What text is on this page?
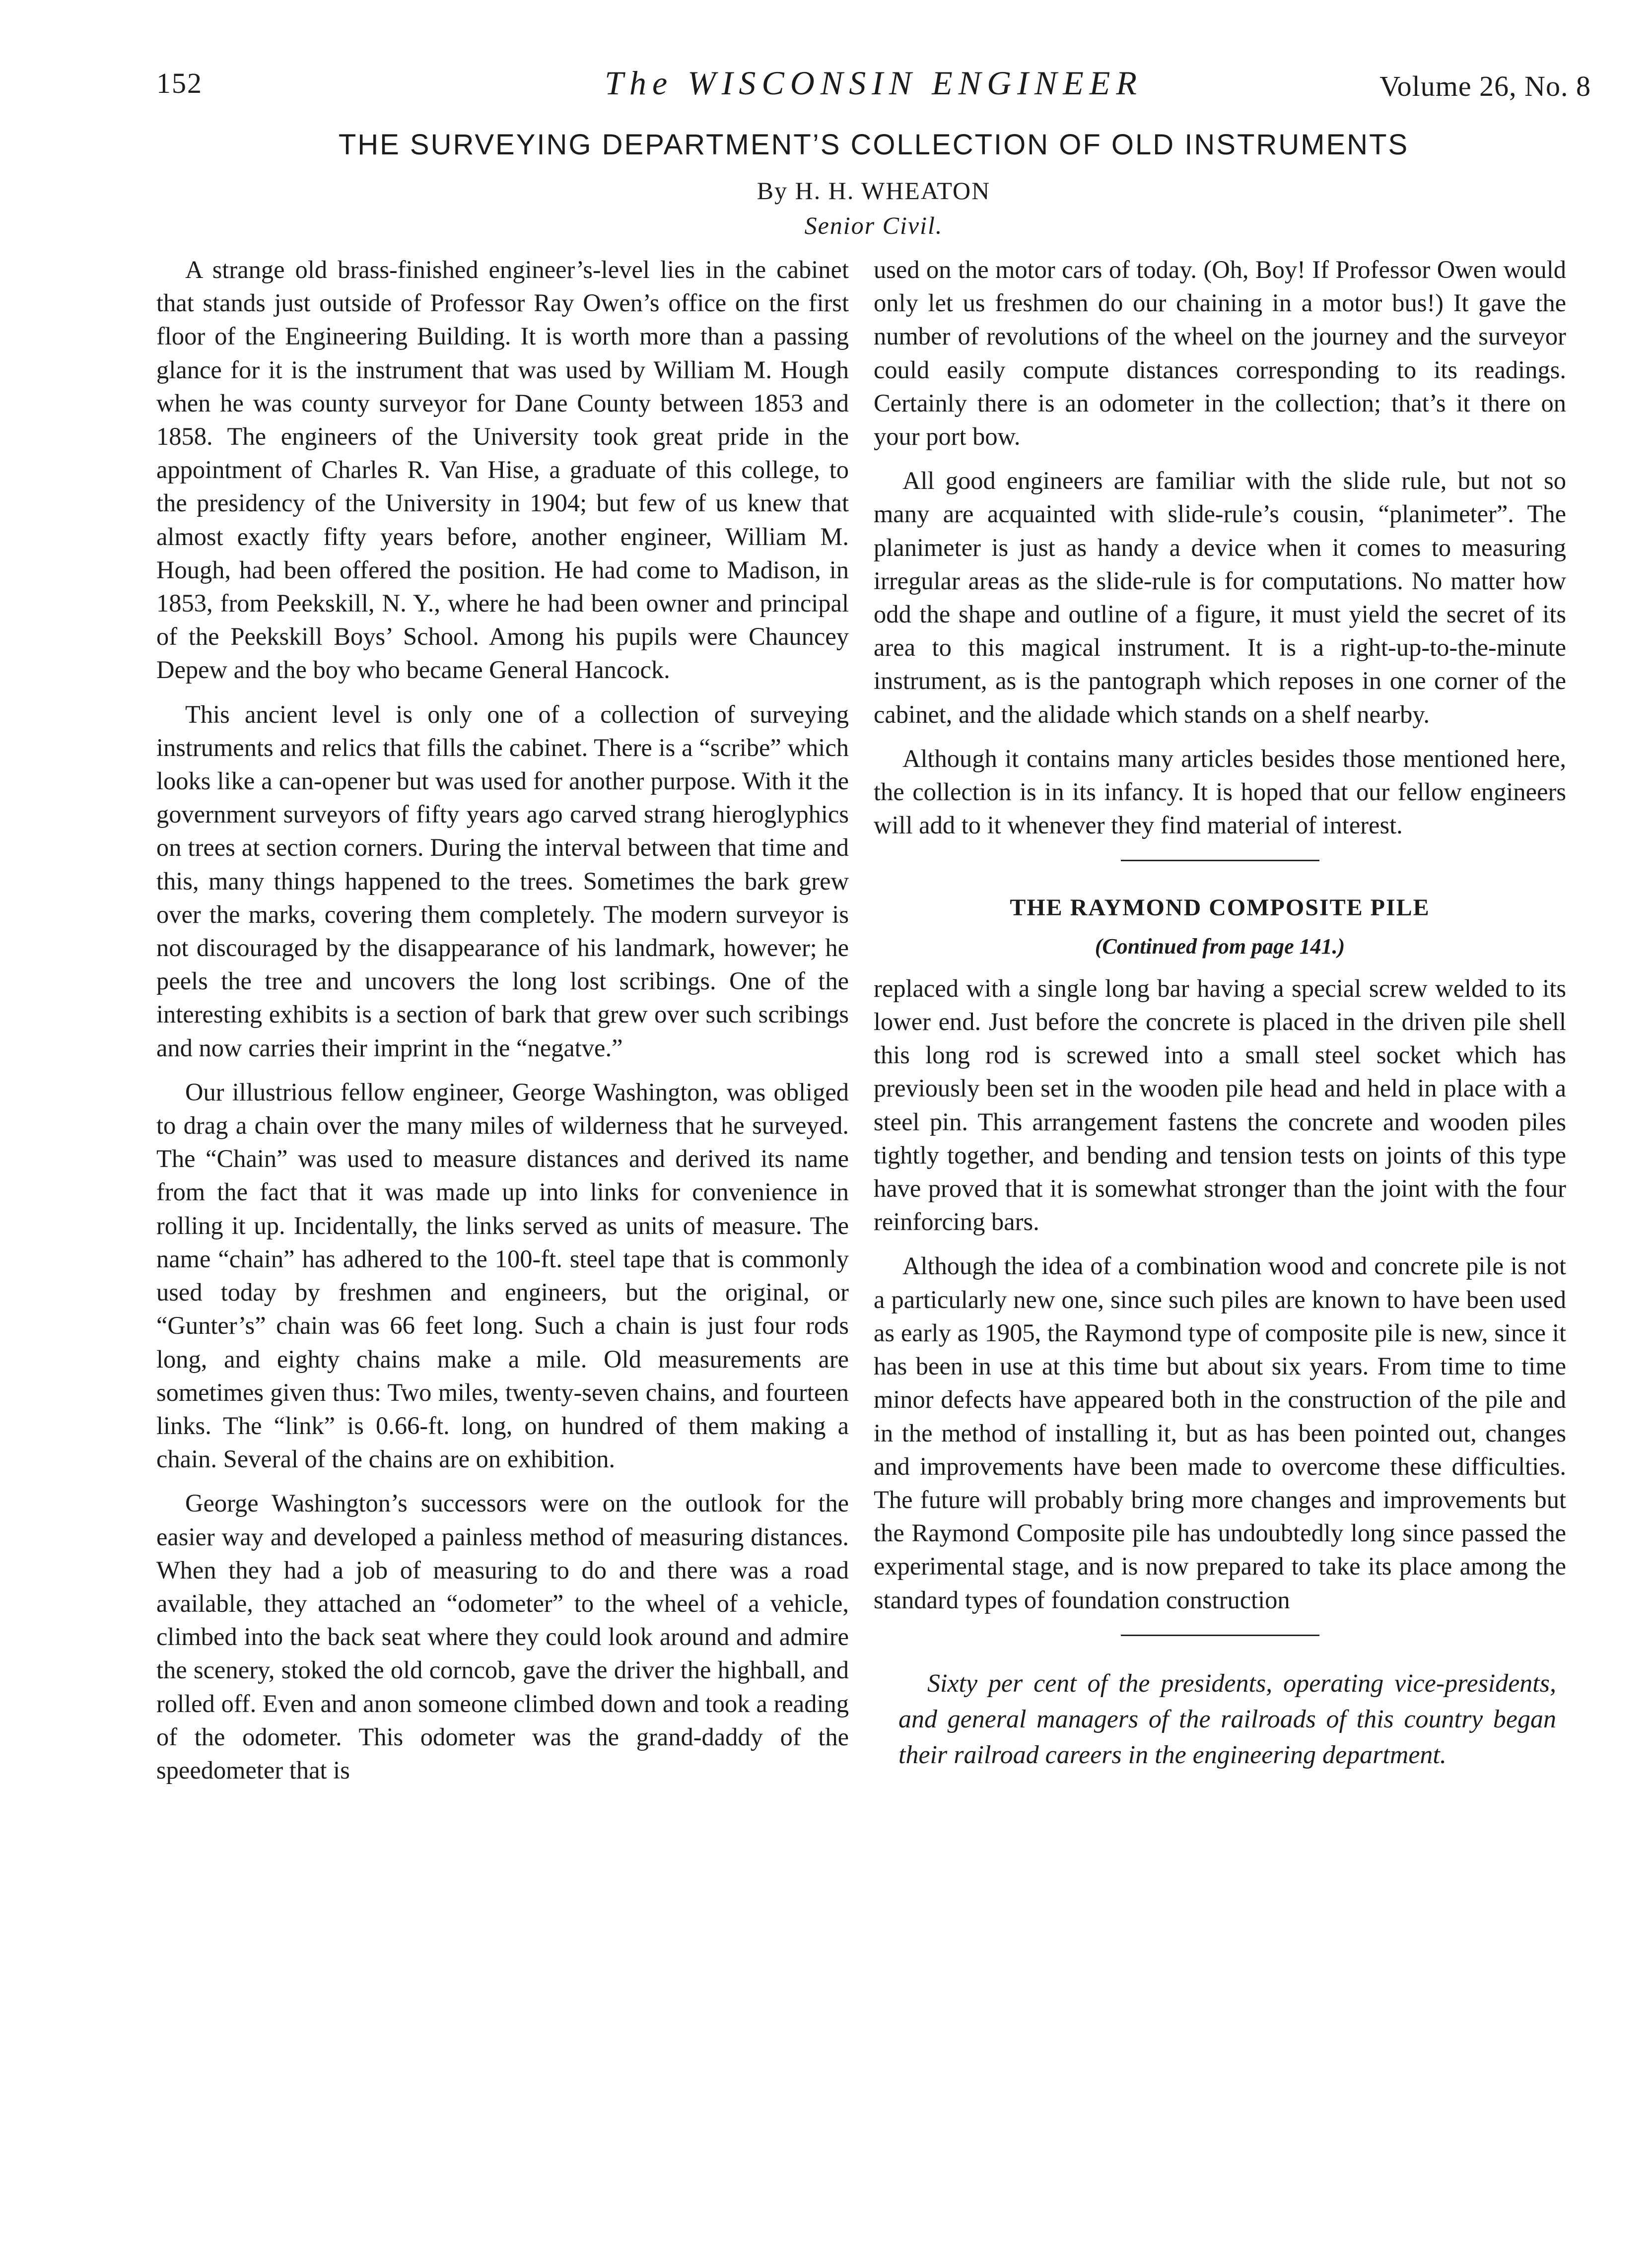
152	The WISCONSIN ENGINEER	Volume 26, No. 8
THE SURVEYING DEPARTMENT’S COLLECTION OF OLD INSTRUMENTS
By H. H. WHEATON
Senior Civil.

A strange old brass-finished engineer’s-level lies in the cabinet that stands just outside of Professor Ray Owen’s office on the first floor of the Engineering Building. It is worth more than a passing glance for it is the instrument that was used by William M. Hough when he was county surveyor for Dane County between 1853 and 1858. The engineers of the University took great pride in the appointment of Charles R. Van Hise, a graduate of this college, to the presidency of the University in 1904; but few of us knew that almost exactly fifty years before, another engineer, William M. Hough, had been offered the position. He had come to Madison, in 1853, from Peekskill, N. Y., where he had been owner and principal of the Peekskill Boys’ School. Among his pupils were Chauncey Depew and the boy who became General Hancock.

This ancient level is only one of a collection of surveying instruments and relics that fills the cabinet. There is a “scribe” which looks like a can-opener but was used for another purpose. With it the government surveyors of fifty years ago carved strang hieroglyphics on trees at section corners. During the interval between that time and this, many things happened to the trees. Sometimes the bark grew over the marks, covering them completely. The modern surveyor is not discouraged by the disappearance of his landmark, however; he peels the tree and uncovers the long lost scribings. One of the interesting exhibits is a section of bark that grew over such scribings and now carries their imprint in the “negatve.”

Our illustrious fellow engineer, George Washington, was obliged to drag a chain over the many miles of wilderness that he surveyed. The “Chain” was used to measure distances and derived its name from the fact that it was made up into links for convenience in rolling it up. Incidentally, the links served as units of measure. The name “chain” has adhered to the 100-ft. steel tape that is commonly used today by freshmen and engineers, but the original, or “Gunter’s” chain was 66 feet long. Such a chain is just four rods long, and eighty chains make a mile. Old measurements are sometimes given thus: Two miles, twenty-seven chains, and fourteen links. The “link” is 0.66-ft. long, on hundred of them making a chain. Several of the chains are on exhibition.

George Washington’s successors were on the outlook for the easier way and developed a painless method of measuring distances. When they had a job of measuring to do and there was a road available, they attached an “odometer” to the wheel of a vehicle, climbed into the back seat where they could look around and admire the scenery, stoked the old corncob, gave the driver the highball, and rolled off. Even and anon someone climbed down and took a reading of the odometer. This odometer was the grand-daddy of the speedometer that is

used on the motor cars of today. (Oh, Boy! If Professor Owen would only let us freshmen do our chaining in a motor bus!) It gave the number of revolutions of the wheel on the journey and the surveyor could easily compute distances corresponding to its readings. Certainly there is an odometer in the collection; that’s it there on your port bow.

All good engineers are familiar with the slide rule, but not so many are acquainted with slide-rule’s cousin, “planimeter”. The planimeter is just as handy a device when it comes to measuring irregular areas as the slide-rule is for computations. No matter how odd the shape and outline of a figure, it must yield the secret of its area to this magical instrument. It is a right-up-to-the-minute instrument, as is the pantograph which reposes in one corner of the cabinet, and the alidade which stands on a shelf nearby.

Although it contains many articles besides those mentioned here, the collection is in its infancy. It is hoped that our fellow engineers will add to it whenever they find material of interest.

THE RAYMOND COMPOSITE PILE
(Continued from page 141.)

replaced with a single long bar having a special screw welded to its lower end. Just before the concrete is placed in the driven pile shell this long rod is screwed into a small steel socket which has previously been set in the wooden pile head and held in place with a steel pin. This arrangement fastens the concrete and wooden piles tightly together, and bending and tension tests on joints of this type have proved that it is somewhat stronger than the joint with the four reinforcing bars.

Although the idea of a combination wood and concrete pile is not a particularly new one, since such piles are known to have been used as early as 1905, the Raymond type of composite pile is new, since it has been in use at this time but about six years. From time to time minor defects have appeared both in the construction of the pile and in the method of installing it, but as has been pointed out, changes and improvements have been made to overcome these difficulties. The future will probably bring more changes and improvements but the Raymond Composite pile has undoubtedly long since passed the experimental stage, and is now prepared to take its place among the standard types of foundation construction

Sixty per cent of the presidents, operating vice-presidents, and general managers of the railroads of this country began their railroad careers in the engineering department.
